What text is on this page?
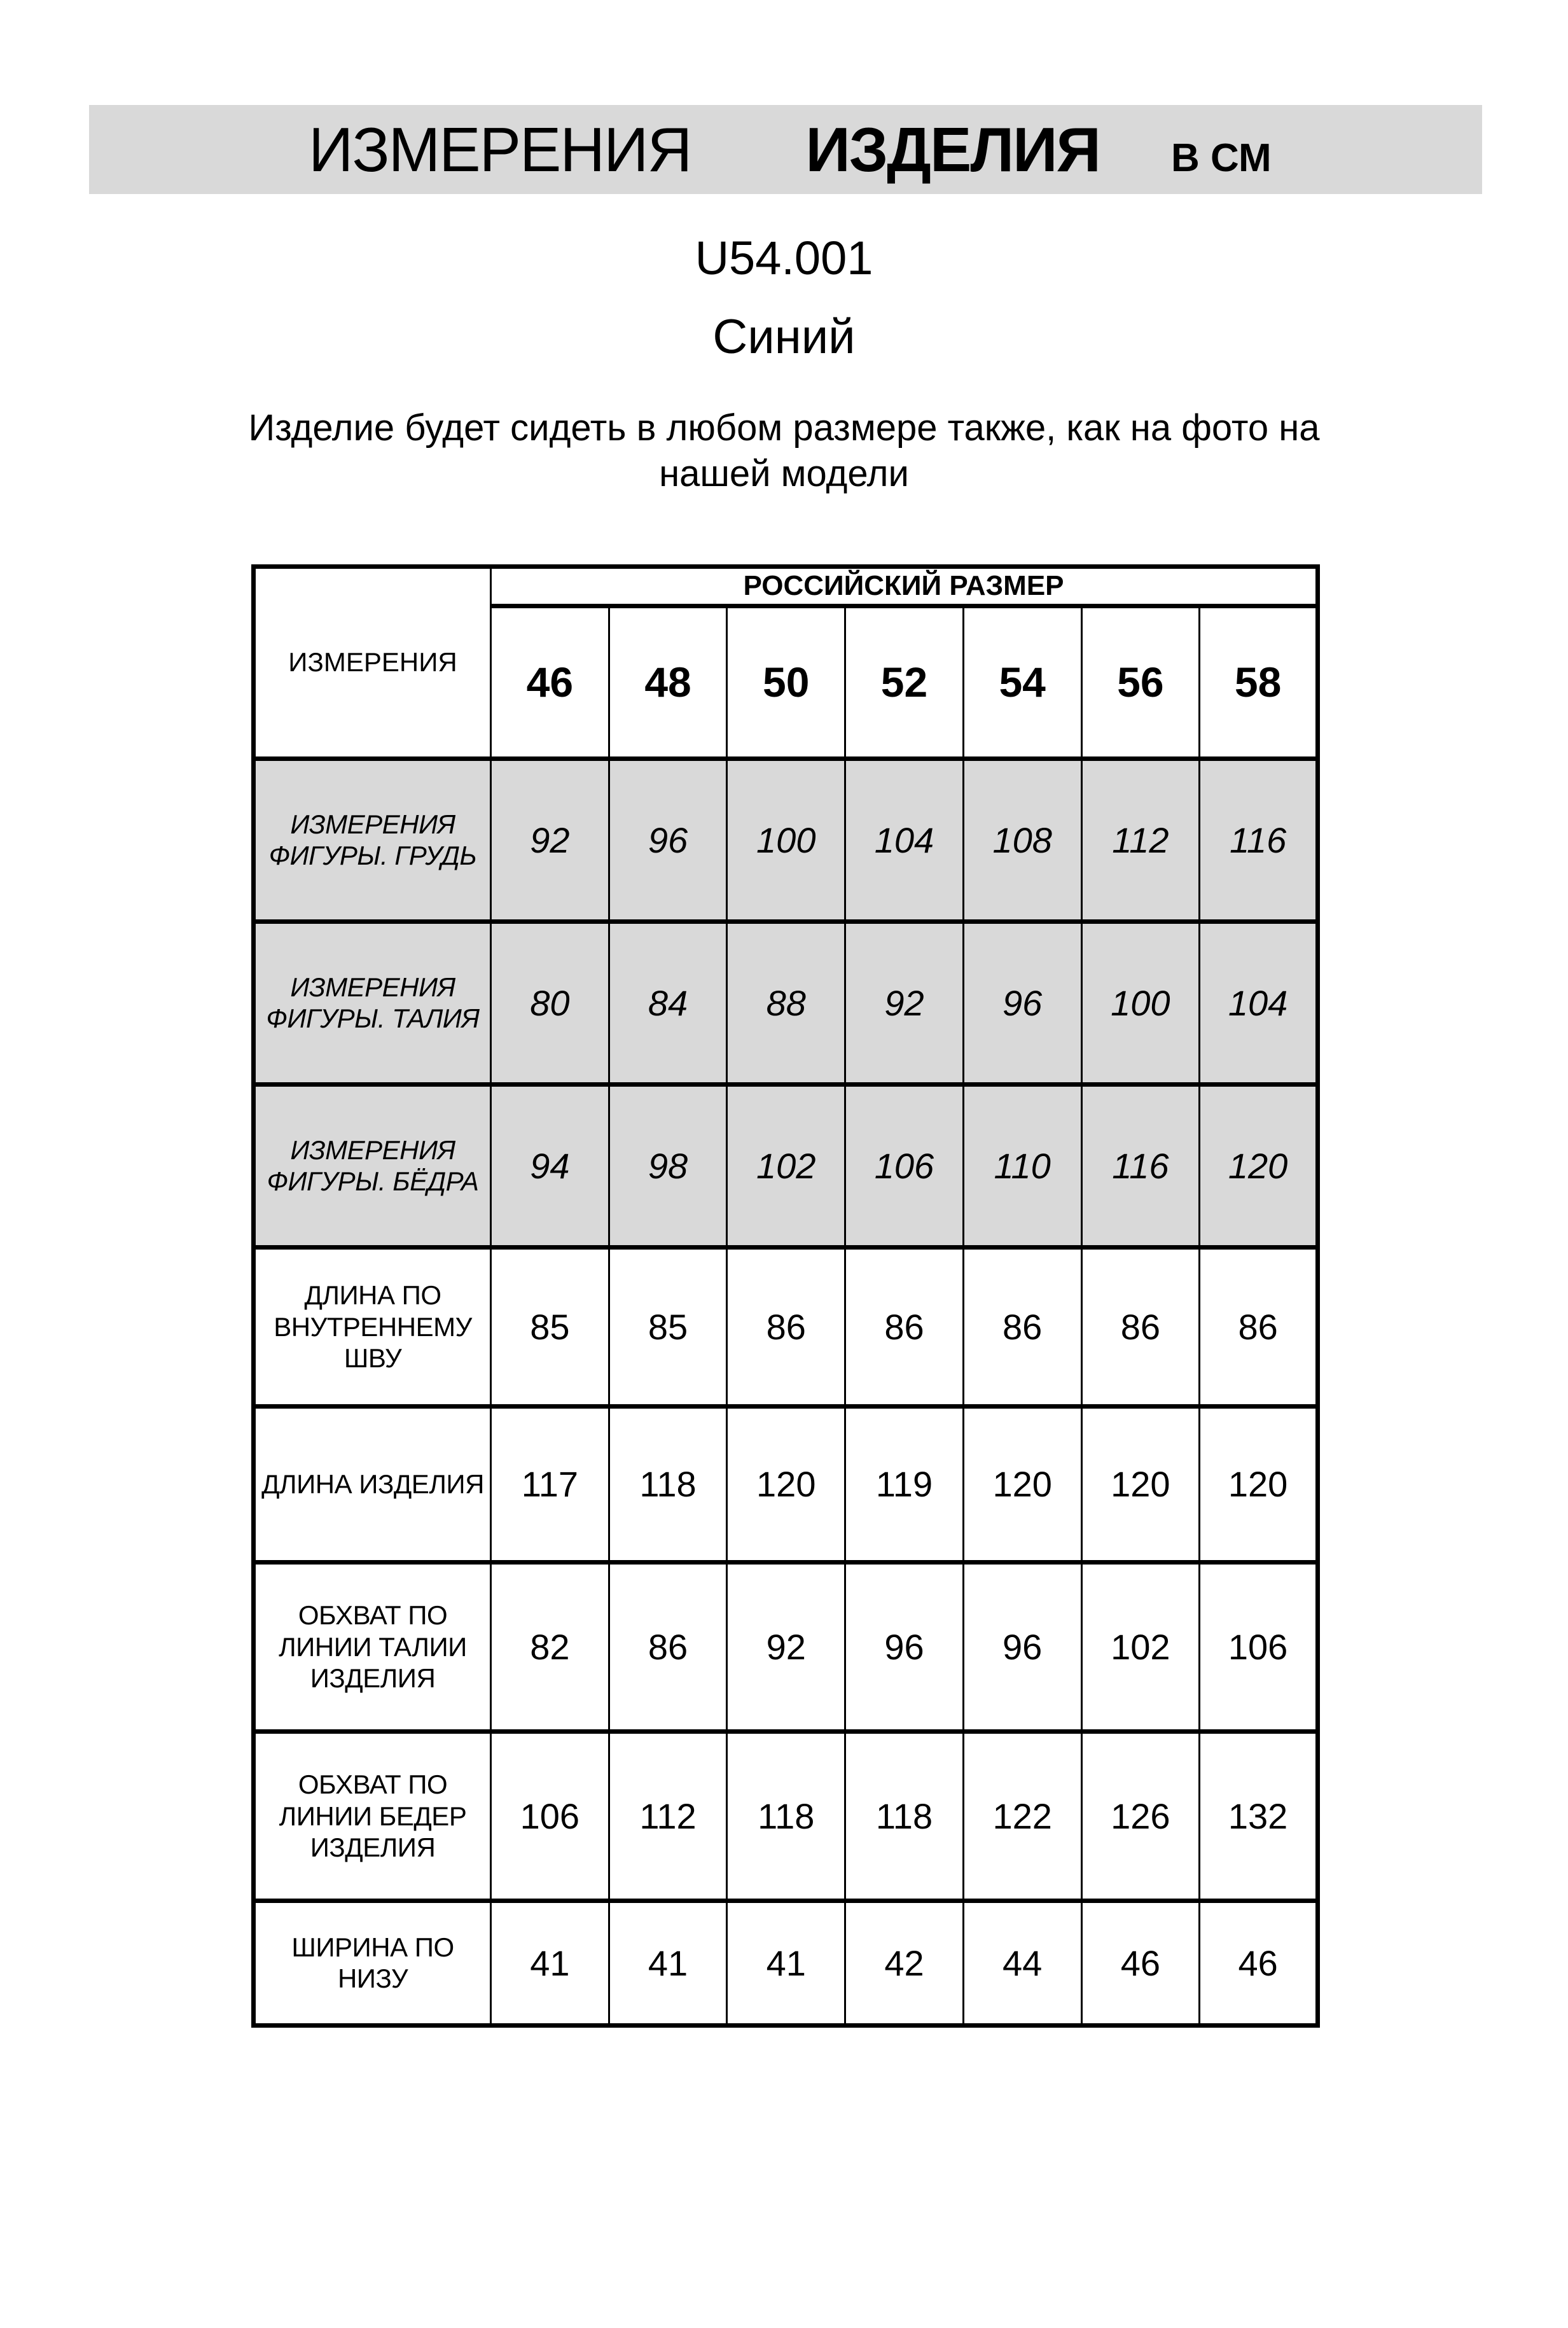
ИЗМЕРЕНИЯ ИЗДЕЛИЯ В СМ
U54.001
Синий
Изделие будет сидеть в любом размере также, как на фото на
нашей модели
ИЗМЕРЕНИЯ	РОССИЙСКИЙ РАЗМЕР						
	46	48	50	52	54	56	58
ИЗМЕРЕНИЯ ФИГУРЫ. ГРУДЬ	92	96	100	104	108	112	116
ИЗМЕРЕНИЯ ФИГУРЫ. ТАЛИЯ	80	84	88	92	96	100	104
ИЗМЕРЕНИЯ ФИГУРЫ. БЁДРА	94	98	102	106	110	116	120
ДЛИНА ПО ВНУТРЕННЕМУ ШВУ	85	85	86	86	86	86	86
ДЛИНА ИЗДЕЛИЯ	117	118	120	119	120	120	120
ОБХВАТ ПО ЛИНИИ ТАЛИИ ИЗДЕЛИЯ	82	86	92	96	96	102	106
ОБХВАТ ПО ЛИНИИ БЕДЕР ИЗДЕЛИЯ	106	112	118	118	122	126	132
ШИРИНА ПО НИЗУ	41	41	41	42	44	46	46
